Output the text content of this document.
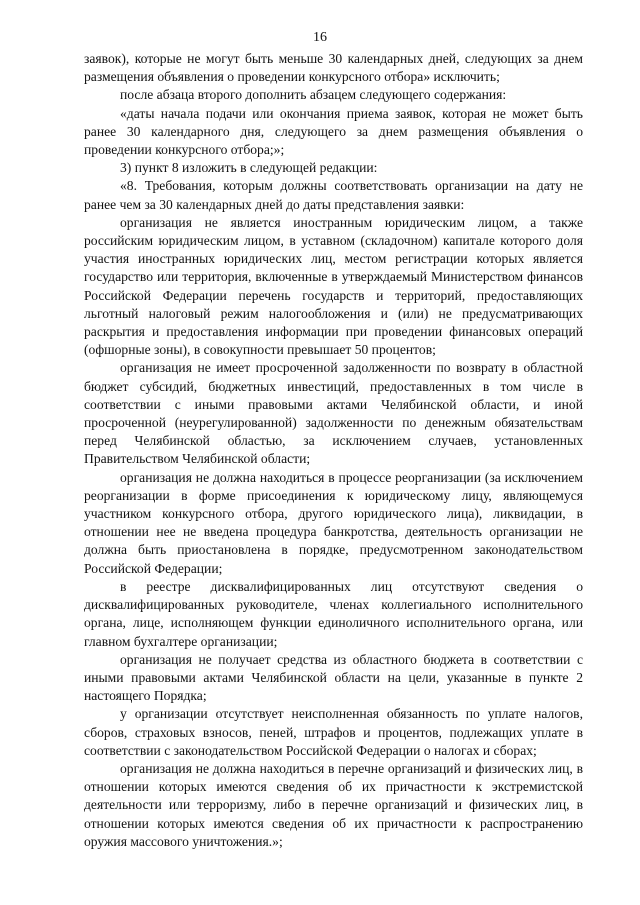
16

заявок), которые не могут быть меньше 30 календарных дней, следующих за днем размещения объявления о проведении конкурсного отбора» исключить;

после абзаца второго дополнить абзацем следующего содержания:

«даты начала подачи или окончания приема заявок, которая не может быть ранее 30 календарного дня, следующего за днем размещения объявления о проведении конкурсного отбора;»;

3) пункт 8 изложить в следующей редакции:

«8. Требования, которым должны соответствовать организации на дату не ранее чем за 30 календарных дней до даты представления заявки:

организация не является иностранным юридическим лицом, а также российским юридическим лицом, в уставном (складочном) капитале которого доля участия иностранных юридических лиц, местом регистрации которых является государство или территория, включенные в утверждаемый Министерством финансов Российской Федерации перечень государств и территорий, предоставляющих льготный налоговый режим налогообложения и (или) не предусматривающих раскрытия и предоставления информации при проведении финансовых операций (офшорные зоны), в совокупности превышает 50 процентов;

организация не имеет просроченной задолженности по возврату в областной бюджет субсидий, бюджетных инвестиций, предоставленных в том числе в соответствии с иными правовыми актами Челябинской области, и иной просроченной (неурегулированной) задолженности по денежным обязательствам перед Челябинской областью, за исключением случаев, установленных Правительством Челябинской области;

организация не должна находиться в процессе реорганизации (за исключением реорганизации в форме присоединения к юридическому лицу, являющемуся участником конкурсного отбора, другого юридического лица), ликвидации, в отношении нее не введена процедура банкротства, деятельность организации не должна быть приостановлена в порядке, предусмотренном законодательством Российской Федерации;

в реестре дисквалифицированных лиц отсутствуют сведения о дисквалифицированных руководителе, членах коллегиального исполнительного органа, лице, исполняющем функции единоличного исполнительного органа, или главном бухгалтере организации;

организация не получает средства из областного бюджета в соответствии с иными правовыми актами Челябинской области на цели, указанные в пункте 2 настоящего Порядка;

у организации отсутствует неисполненная обязанность по уплате налогов, сборов, страховых взносов, пеней, штрафов и процентов, подлежащих уплате в соответствии с законодательством Российской Федерации о налогах и сборах;

организация не должна находиться в перечне организаций и физических лиц, в отношении которых имеются сведения об их причастности к экстремистской деятельности или терроризму, либо в перечне организаций и физических лиц, в отношении которых имеются сведения об их причастности к распространению оружия массового уничтожения.»;
